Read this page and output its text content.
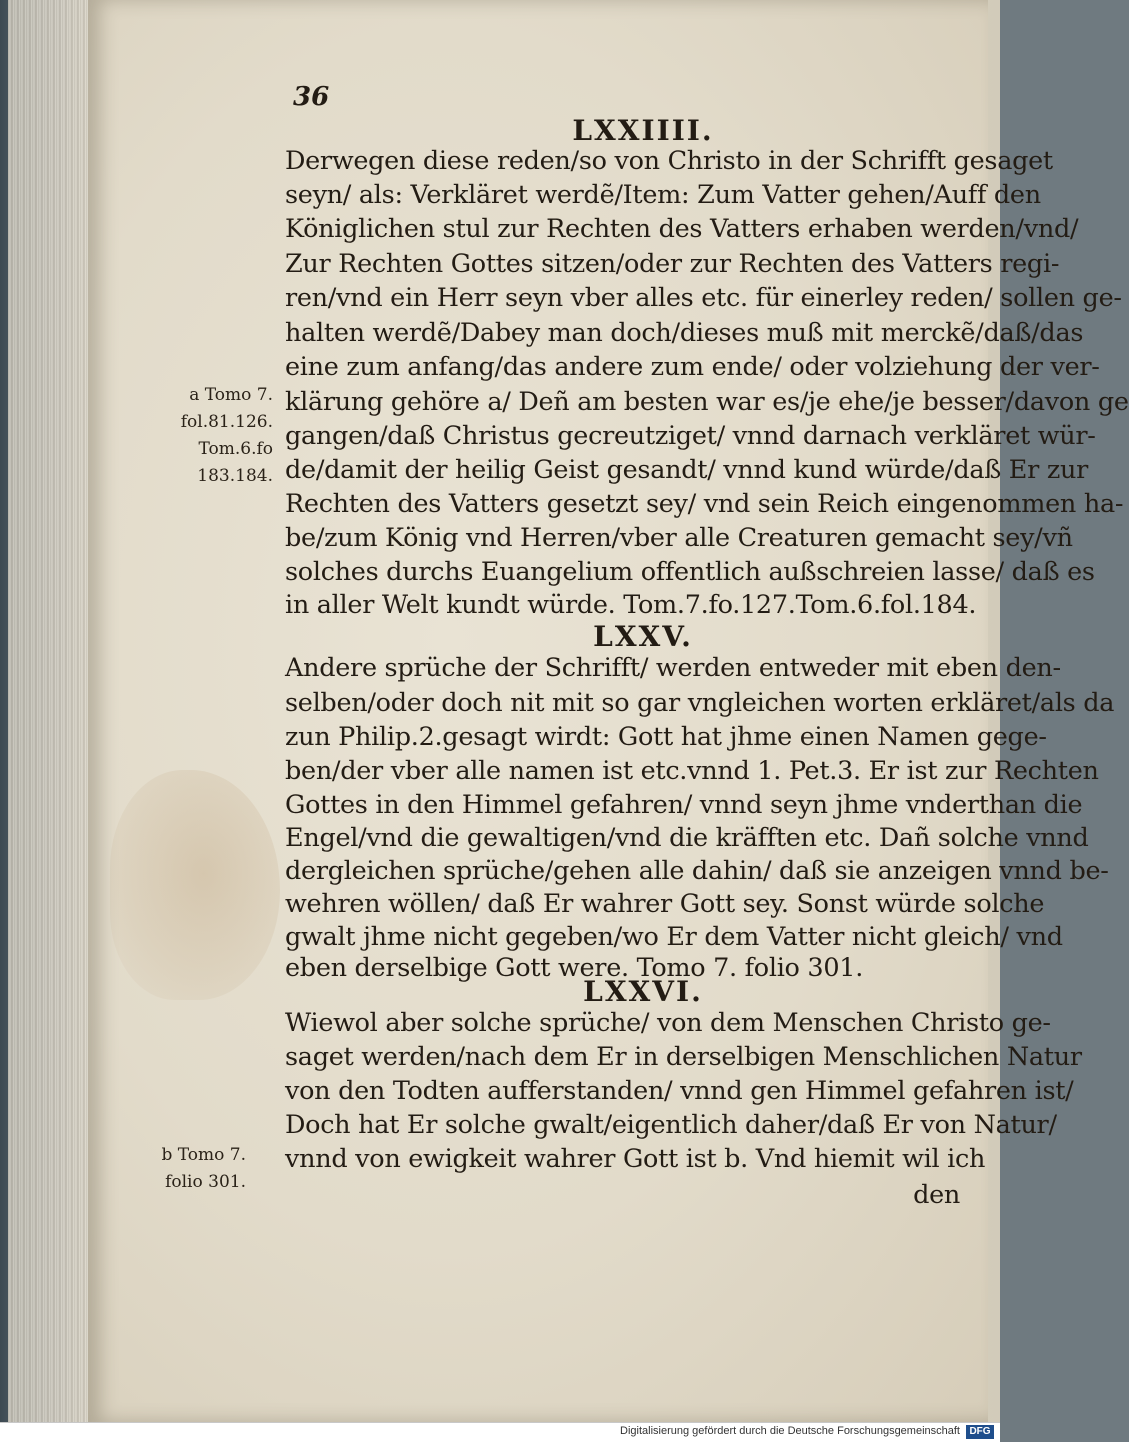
36
LXXIIII.
Derwegen diese reden/so von Christo in der Schrifft gesaget
seyn/ als: Verkläret werdẽ/Item: Zum Vatter gehen/Auff den
Königlichen stul zur Rechten des Vatters erhaben werden/vnd/
Zur Rechten Gottes sitzen/oder zur Rechten des Vatters regi-
ren/vnd ein Herr seyn vber alles etc. für einerley reden/ sollen ge-
halten werdẽ/Dabey man doch/dieses muß mit merckẽ/daß/das
eine zum anfang/das andere zum ende/ oder volziehung der ver-
klärung gehöre a/ Deñ am besten war es/je ehe/je besser/davon ge
gangen/daß Christus gecreutziget/ vnnd darnach verkläret wür-
de/damit der heilig Geist gesandt/ vnnd kund würde/daß Er zur
Rechten des Vatters gesetzt sey/ vnd sein Reich eingenommen ha-
be/zum König vnd Herren/vber alle Creaturen gemacht sey/vñ
solches durchs Euangelium offentlich außschreien lasse/ daß es
in aller Welt kundt würde. Tom.7.fo.127.Tom.6.fol.184.
a Tomo 7.
fol.81.126.
Tom.6.fo
183.184.
LXXV.
Andere sprüche der Schrifft/ werden entweder mit eben den-
selben/oder doch nit mit so gar vngleichen worten erkläret/als da
zun Philip.2.gesagt wirdt: Gott hat jhme einen Namen gege-
ben/der vber alle namen ist etc.vnnd 1. Pet.3. Er ist zur Rechten
Gottes in den Himmel gefahren/ vnnd seyn jhme vnderthan die
Engel/vnd die gewaltigen/vnd die kräfften etc. Dañ solche vnnd
dergleichen sprüche/gehen alle dahin/ daß sie anzeigen vnnd be-
wehren wöllen/ daß Er wahrer Gott sey. Sonst würde solche
gwalt jhme nicht gegeben/wo Er dem Vatter nicht gleich/ vnd
eben derselbige Gott were. Tomo 7. folio 301.
LXXVI.
Wiewol aber solche sprüche/ von dem Menschen Christo ge-
saget werden/nach dem Er in derselbigen Menschlichen Natur
von den Todten aufferstanden/ vnnd gen Himmel gefahren ist/
Doch hat Er solche gwalt/eigentlich daher/daß Er von Natur/
vnnd von ewigkeit wahrer Gott ist b. Vnd hiemit wil ich
b Tomo 7.
folio 301.	den
Digitalisierung gefördert durch die Deutsche Forschungsgemeinschaft DFG
